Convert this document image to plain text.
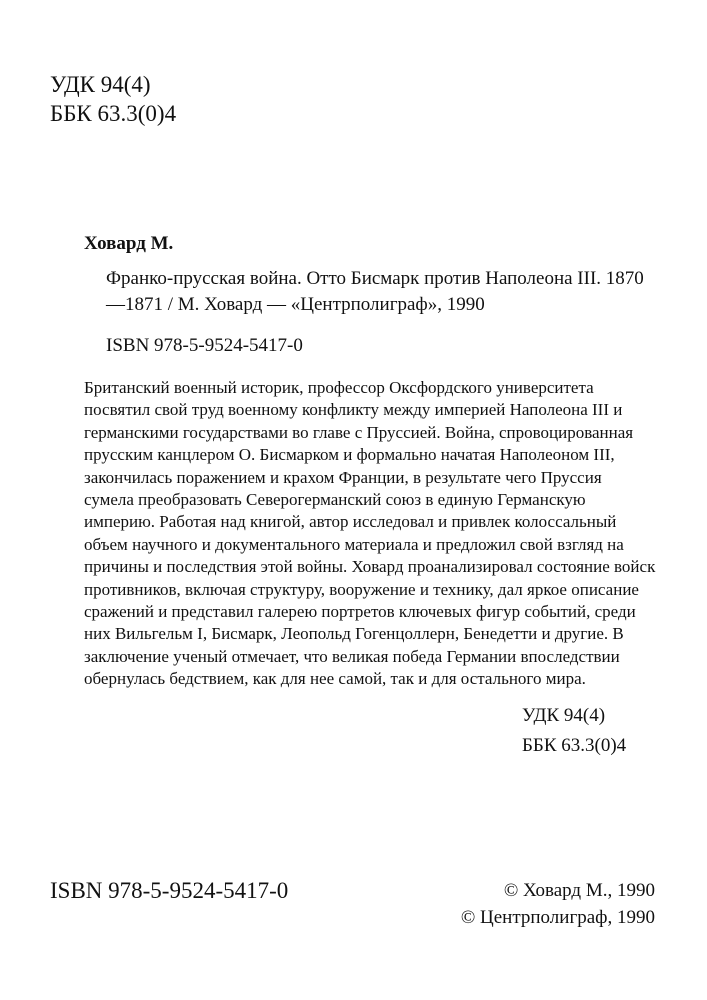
УДК 94(4)
ББК 63.3(0)4
Ховард М.
Франко-прусская война. Отто Бисмарк против Наполеона III. 1870
—1871 / М. Ховард — «Центрполиграф», 1990
ISBN 978-5-9524-5417-0
Британский военный историк, профессор Оксфордского университета
посвятил свой труд военному конфликту между империей Наполеона III и
германскими государствами во главе с Пруссией. Война, спровоцированная
прусским канцлером О. Бисмарком и формально начатая Наполеоном III,
закончилась поражением и крахом Франции, в результате чего Пруссия
сумела преобразовать Северогерманский союз в единую Германскую
империю. Работая над книгой, автор исследовал и привлек колоссальный
объем научного и документального материала и предложил свой взгляд на
причины и последствия этой войны. Ховард проанализировал состояние войск
противников, включая структуру, вооружение и технику, дал яркое описание
сражений и представил галерею портретов ключевых фигур событий, среди
них Вильгельм I, Бисмарк, Леопольд Гогенцоллерн, Бенедетти и другие. В
заключение ученый отмечает, что великая победа Германии впоследствии
обернулась бедствием, как для нее самой, так и для остального мира.
УДК 94(4)
ББК 63.3(0)4
ISBN 978-5-9524-5417-0	© Ховард М., 1990
© Центрполиграф, 1990
